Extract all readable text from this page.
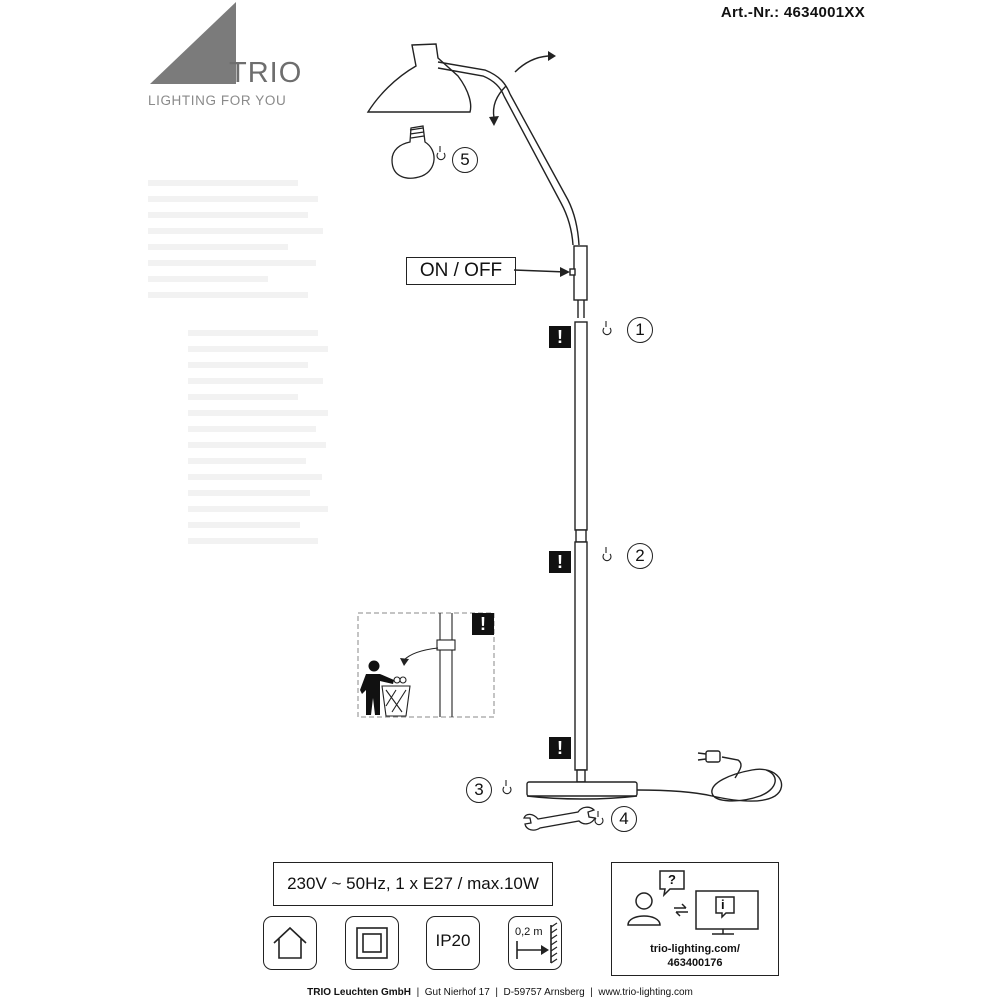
Art.-Nr.: 4634001XX
TRIO
LIGHTING FOR YOU
ON / OFF
!
!
!
!
1
2
3
4
5
230V ~ 50Hz, 1 x E27 / max.10W
IP20	0,2 m
?
i
trio-lighting.com/
463400176
TRIO Leuchten GmbH  |  Gut Nierhof 17  |  D-59757 Arnsberg  |  www.trio-lighting.com
